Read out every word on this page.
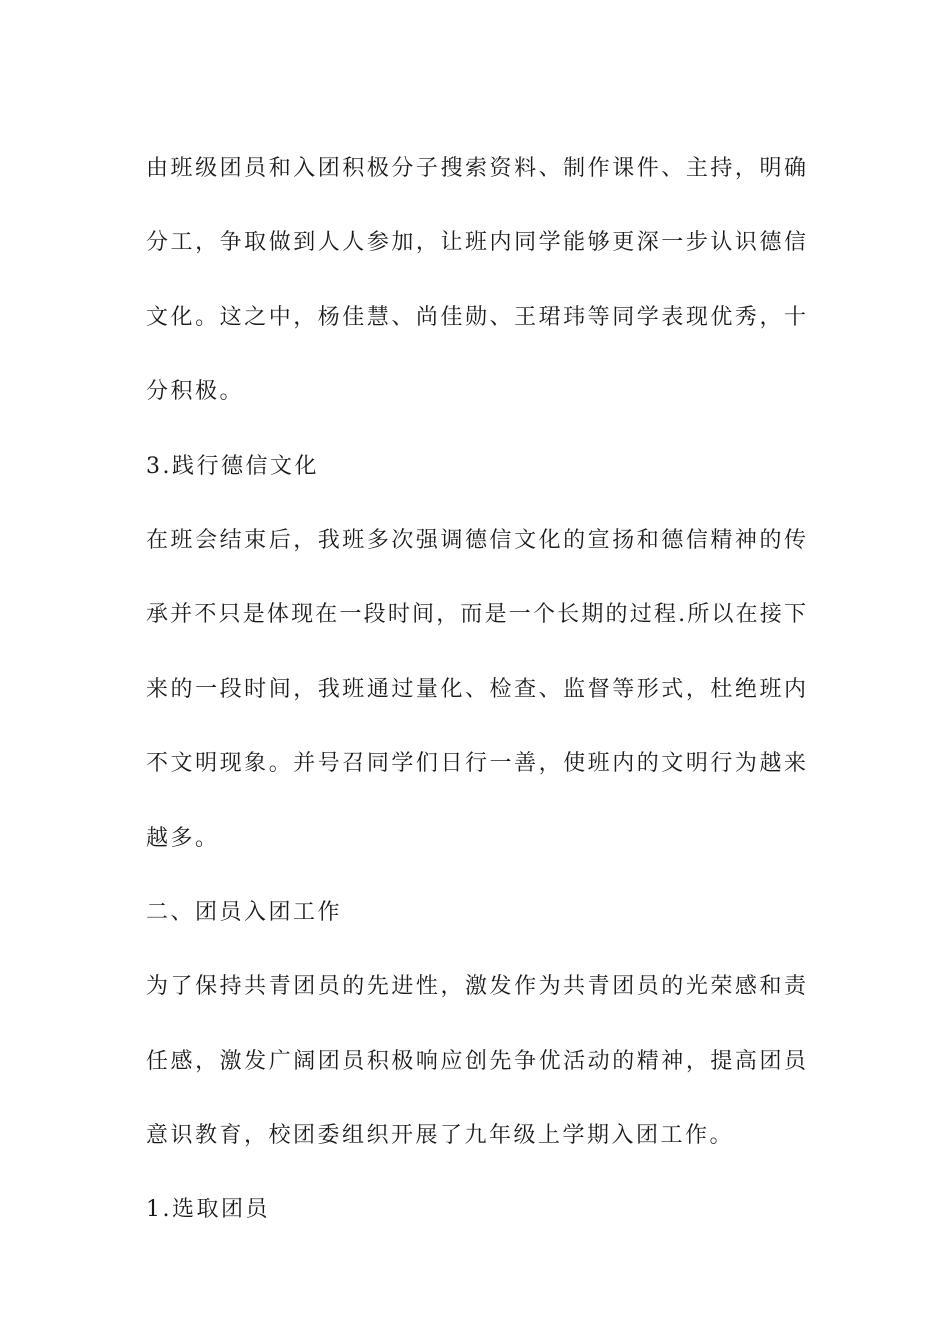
由班级团员和入团积极分子搜索资料、制作课件、主持，明确
分工，争取做到人人参加，让班内同学能够更深一步认识德信
文化。这之中，杨佳慧、尚佳勋、王珺玮等同学表现优秀，十
分积极。
3.践行德信文化
在班会结束后，我班多次强调德信文化的宣扬和德信精神的传
承并不只是体现在一段时间，而是一个长期的过程.所以在接下
来的一段时间，我班通过量化、检查、监督等形式，杜绝班内
不文明现象。并号召同学们日行一善，使班内的文明行为越来
越多。
二、团员入团工作
为了保持共青团员的先进性，激发作为共青团员的光荣感和责
任感，激发广阔团员积极响应创先争优活动的精神，提高团员
意识教育，校团委组织开展了九年级上学期入团工作。
1.选取团员
